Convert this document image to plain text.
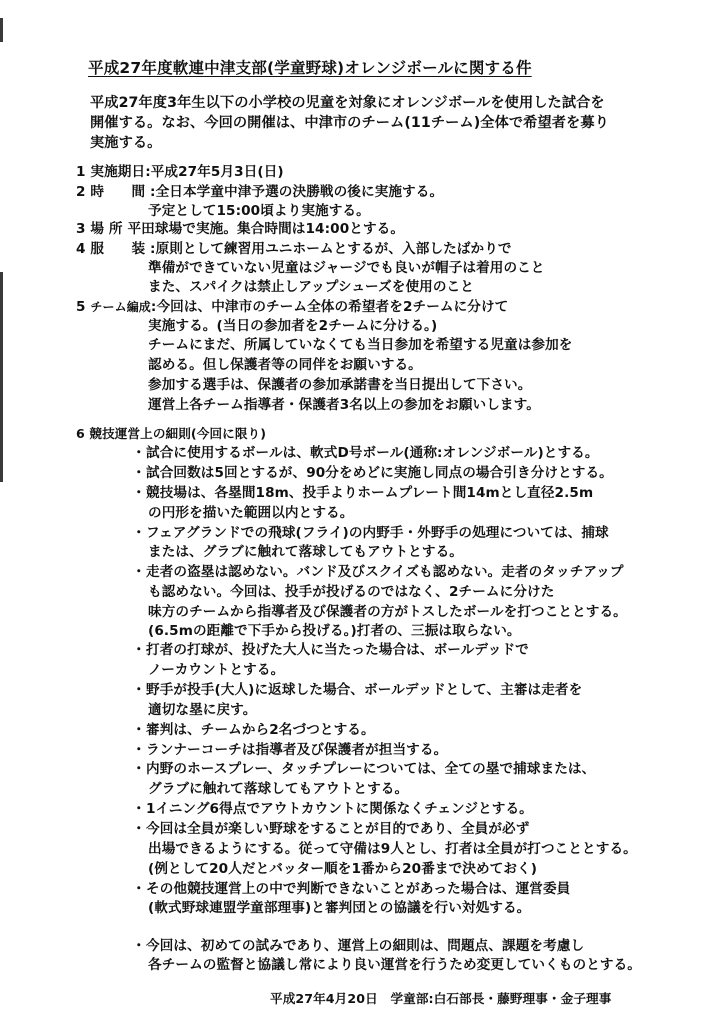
平成27年度軟連中津支部(学童野球)オレンジボールに関する件
平成27年度3年生以下の小学校の児童を対象にオレンジボールを使用した試合を
開催する。なお、今回の開催は、中津市のチーム(11チーム)全体で希望者を募り
実施する。
1 実施期日:平成27年5月3日(日)
2 時　　間 :全日本学童中津予選の決勝戦の後に実施する。
予定として15:00頃より実施する。
3 場 所 平田球場で実施。集合時間は14:00とする。
4 服　　装 :原則として練習用ユニホームとするが、入部したばかりで
準備ができていない児童はジャージでも良いが帽子は着用のこと
また、スパイクは禁止しアップシューズを使用のこと
5 チーム編成:今回は、中津市のチーム全体の希望者を2チームに分けて
実施する。(当日の参加者を2チームに分ける。)
チームにまだ、所属していなくても当日参加を希望する児童は参加を
認める。但し保護者等の同伴をお願いする。
参加する選手は、保護者の参加承諾書を当日提出して下さい。
運営上各チーム指導者・保護者3名以上の参加をお願いします。
6 競技運営上の細則(今回に限り)
・試合に使用するボールは、軟式D号ボール(通称:オレンジボール)とする。
・試合回数は5回とするが、90分をめどに実施し同点の場合引き分けとする。
・競技場は、各塁間18m、投手よりホームプレート間14mとし直径2.5m
の円形を描いた範囲以内とする。
・フェアグランドでの飛球(フライ)の内野手・外野手の処理については、捕球
または、グラブに触れて落球してもアウトとする。
・走者の盗塁は認めない。バンド及びスクイズも認めない。走者のタッチアップ
も認めない。今回は、投手が投げるのではなく、2チームに分けた
味方のチームから指導者及び保護者の方がトスしたボールを打つこととする。
(6.5mの距離で下手から投げる。)打者の、三振は取らない。
・打者の打球が、投げた大人に当たった場合は、ボールデッドで
ノーカウントとする。
・野手が投手(大人)に返球した場合、ボールデッドとして、主審は走者を
適切な塁に戻す。
・審判は、チームから2名づつとする。
・ランナーコーチは指導者及び保護者が担当する。
・内野のホースプレー、タッチプレーについては、全ての塁で捕球または、
グラブに触れて落球してもアウトとする。
・1イニング6得点でアウトカウントに関係なくチェンジとする。
・今回は全員が楽しい野球をすることが目的であり、全員が必ず
出場できるようにする。従って守備は9人とし、打者は全員が打つこととする。
(例として20人だとバッター順を1番から20番まで決めておく)
・その他競技運営上の中で判断できないことがあった場合は、運営委員
(軟式野球連盟学童部理事)と審判団との協議を行い対処する。
・今回は、初めての試みであり、運営上の細則は、問題点、課題を考慮し
各チームの監督と協議し常により良い運営を行うため変更していくものとする。
平成27年4月20日　学童部:白石部長・藤野理事・金子理事
